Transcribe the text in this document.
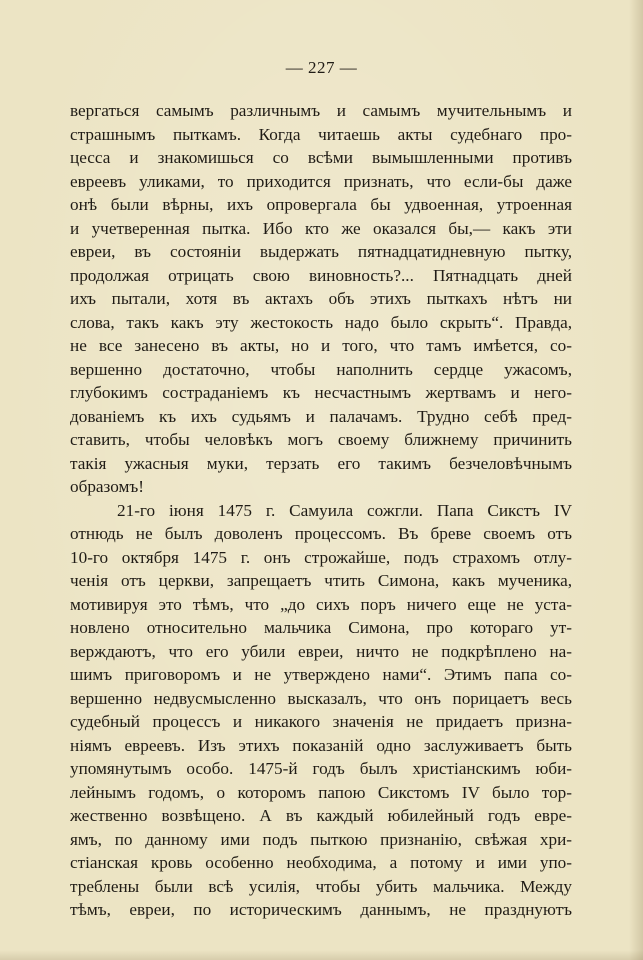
— 227 —
вергаться самымъ различнымъ и самымъ мучительнымъ и
страшнымъ пыткамъ. Когда читаешь акты судебнаго про-
цесса и знакомишься со всѣми вымышленными противъ
евреевъ уликами, то приходится признать, что если-бы даже
онѣ были вѣрны, ихъ опровергала бы удвоенная, утроенная
и учетверенная пытка. Ибо кто же оказался бы,— какъ эти
евреи, въ состояніи выдержать пятнадцатидневную пытку,
продолжая отрицать свою виновность?... Пятнадцать дней
ихъ пытали, хотя въ актахъ объ этихъ пыткахъ нѣтъ ни
слова, такъ какъ эту жестокость надо было скрыть“. Правда,
не все занесено въ акты, но и того, что тамъ имѣется, со-
вершенно достаточно, чтобы наполнить сердце ужасомъ,
глубокимъ состраданіемъ къ несчастнымъ жертвамъ и него-
дованіемъ къ ихъ судьямъ и палачамъ. Трудно себѣ пред-
ставить, чтобы человѣкъ могъ своему ближнему причинить
такія ужасныя муки, терзать его такимъ безчеловѣчнымъ
образомъ!
21-го іюня 1475 г. Самуила сожгли. Папа Сикстъ IV
отнюдь не былъ доволенъ процессомъ. Въ бреве своемъ отъ
10-го октября 1475 г. онъ строжайше, подъ страхомъ отлу-
ченія отъ церкви, запрещаетъ чтить Симона, какъ мученика,
мотивируя это тѣмъ, что „до сихъ поръ ничего еще не уста-
новлено относительно мальчика Симона, про котораго ут-
верждаютъ, что его убили евреи, ничто не подкрѣплено на-
шимъ приговоромъ и не утверждено нами“. Этимъ папа со-
вершенно недвусмысленно высказалъ, что онъ порицаетъ весь
судебный процессъ и никакого значенія не придаетъ призна-
ніямъ евреевъ. Изъ этихъ показаній одно заслуживаетъ быть
упомянутымъ особо. 1475-й годъ былъ христіанскимъ юби-
лейнымъ годомъ, о которомъ папою Сикстомъ IV было тор-
жественно возвѣщено. А въ каждый юбилейный годъ евре-
ямъ, по данному ими подъ пыткою признанію, свѣжая хри-
стіанская кровь особенно необходима, а потому и ими упо-
треблены были всѣ усилія, чтобы убить мальчика. Между
тѣмъ, евреи, по историческимъ даннымъ, не празднуютъ
